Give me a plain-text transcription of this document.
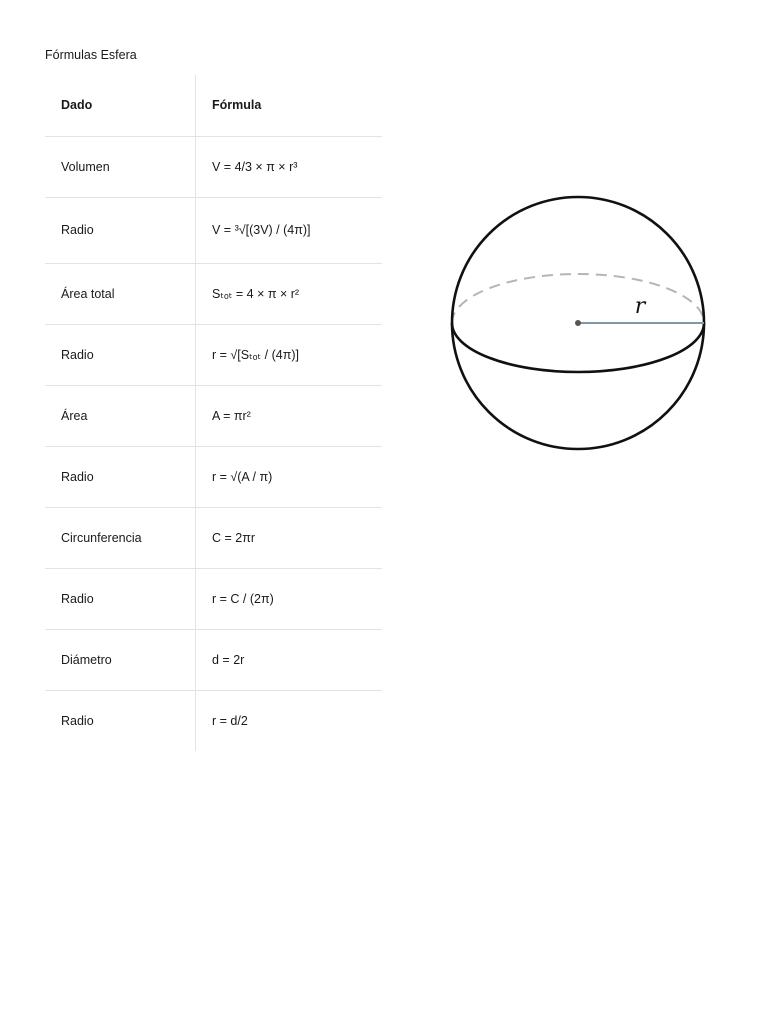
Fórmulas Esfera
Dado	Fórmula
Volumen	V = 4/3 × π × r³
Radio	V = ³√[(3V) / (4π)]
Área total	Sₜₒₜ = 4 × π × r²
Radio	r = √[Sₜₒₜ / (4π)]
Área	A = πr²
Radio	r = √(A / π)
Circunferencia	C = 2πr
Radio	r = C / (2π)
Diámetro	d = 2r
Radio	r = d/2
r
